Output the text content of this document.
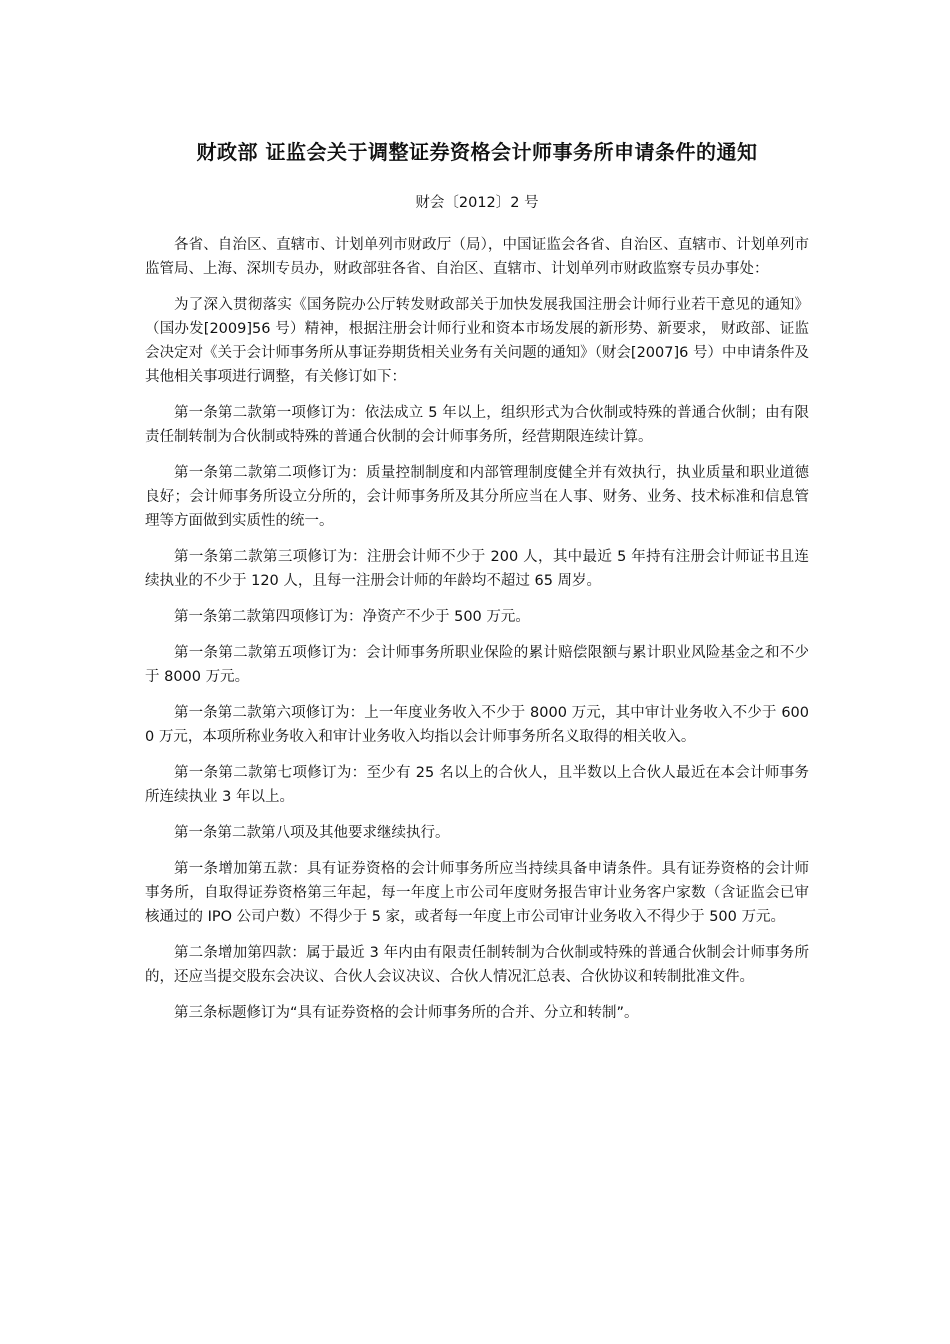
财政部 证监会关于调整证券资格会计师事务所申请条件的通知
财会〔2012〕2 号

各省、自治区、直辖市、计划单列市财政厅（局），中国证监会各省、自治区、直辖市、计划单列市监管局、上海、深圳专员办，财政部驻各省、自治区、直辖市、计划单列市财政监察专员办事处：

为了深入贯彻落实《国务院办公厅转发财政部关于加快发展我国注册会计师行业若干意见的通知》（国办发[2009]56 号）精神，根据注册会计师行业和资本市场发展的新形势、新要求， 财政部、证监会决定对《关于会计师事务所从事证券期货相关业务有关问题的通知》（财会[2007]6 号）中申请条件及其他相关事项进行调整，有关修订如下：

第一条第二款第一项修订为：依法成立 5 年以上，组织形式为合伙制或特殊的普通合伙制；由有限责任制转制为合伙制或特殊的普通合伙制的会计师事务所，经营期限连续计算。

第一条第二款第二项修订为：质量控制制度和内部管理制度健全并有效执行，执业质量和职业道德良好；会计师事务所设立分所的，会计师事务所及其分所应当在人事、财务、业务、技术标准和信息管理等方面做到实质性的统一。

第一条第二款第三项修订为：注册会计师不少于 200 人，其中最近 5 年持有注册会计师证书且连续执业的不少于 120 人，且每一注册会计师的年龄均不超过 65 周岁。

第一条第二款第四项修订为：净资产不少于 500 万元。

第一条第二款第五项修订为：会计师事务所职业保险的累计赔偿限额与累计职业风险基金之和不少于 8000 万元。

第一条第二款第六项修订为：上一年度业务收入不少于 8000 万元，其中审计业务收入不少于 6000 万元，本项所称业务收入和审计业务收入均指以会计师事务所名义取得的相关收入。

第一条第二款第七项修订为：至少有 25 名以上的合伙人，且半数以上合伙人最近在本会计师事务所连续执业 3 年以上。

第一条第二款第八项及其他要求继续执行。

第一条增加第五款：具有证券资格的会计师事务所应当持续具备申请条件。具有证券资格的会计师事务所，自取得证券资格第三年起，每一年度上市公司年度财务报告审计业务客户家数（含证监会已审核通过的 IPO 公司户数）不得少于 5 家，或者每一年度上市公司审计业务收入不得少于 500 万元。

第二条增加第四款：属于最近 3 年内由有限责任制转制为合伙制或特殊的普通合伙制会计师事务所的，还应当提交股东会决议、合伙人会议决议、合伙人情况汇总表、合伙协议和转制批准文件。

第三条标题修订为“具有证券资格的会计师事务所的合并、分立和转制”。
